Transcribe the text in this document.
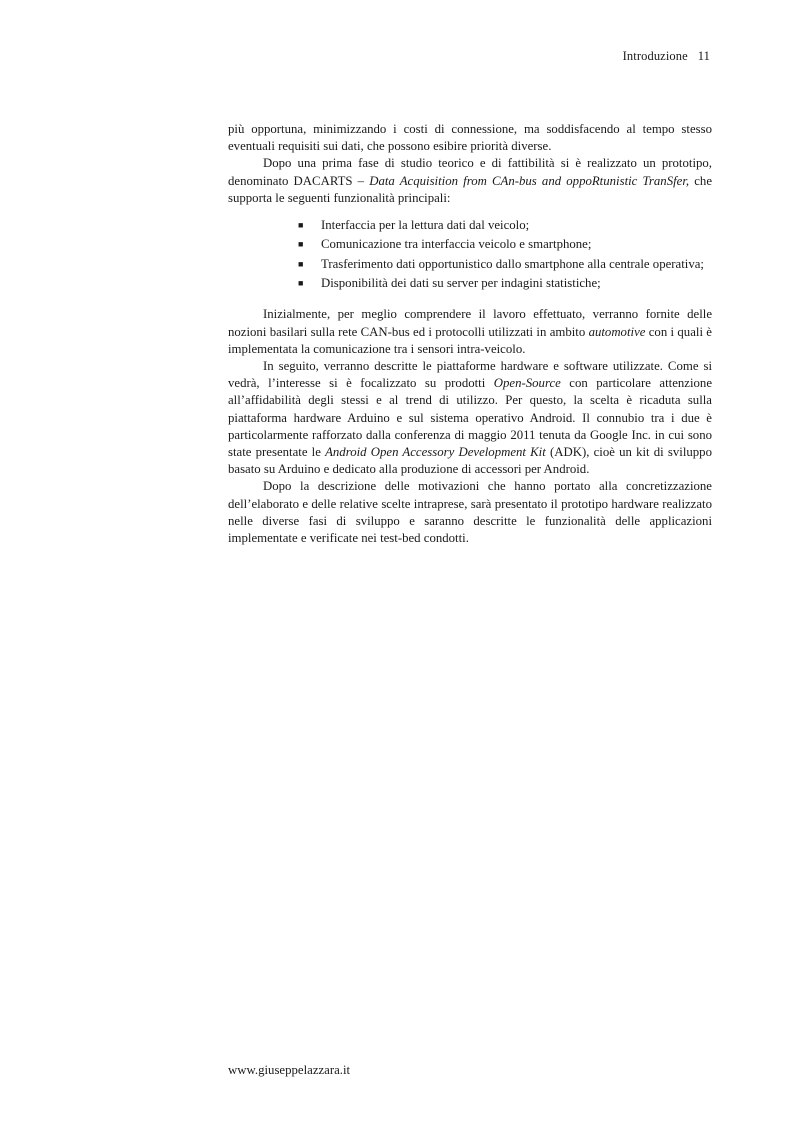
Introduzione 11

più opportuna, minimizzando i costi di connessione, ma soddisfacendo al tempo stesso eventuali requisiti sui dati, che possono esibire priorità diverse.

Dopo una prima fase di studio teorico e di fattibilità si è realizzato un prototipo, denominato DACARTS – Data Acquisition from CAn-bus and oppoRtunistic TranSfer, che supporta le seguenti funzionalità principali:

■ Interfaccia per la lettura dati dal veicolo;
■ Comunicazione tra interfaccia veicolo e smartphone;
■ Trasferimento dati opportunistico dallo smartphone alla centrale operativa;
■ Disponibilità dei dati su server per indagini statistiche;

Inizialmente, per meglio comprendere il lavoro effettuato, verranno fornite delle nozioni basilari sulla rete CAN-bus ed i protocolli utilizzati in ambito automotive con i quali è implementata la comunicazione tra i sensori intra-veicolo.

In seguito, verranno descritte le piattaforme hardware e software utilizzate. Come si vedrà, l’interesse si è focalizzato su prodotti Open-Source con particolare attenzione all’affidabilità degli stessi e al trend di utilizzo. Per questo, la scelta è ricaduta sulla piattaforma hardware Arduino e sul sistema operativo Android. Il connubio tra i due è particolarmente rafforzato dalla conferenza di maggio 2011 tenuta da Google Inc. in cui sono state presentate le Android Open Accessory Development Kit (ADK), cioè un kit di sviluppo basato su Arduino e dedicato alla produzione di accessori per Android.

Dopo la descrizione delle motivazioni che hanno portato alla concretizzazione dell’elaborato e delle relative scelte intraprese, sarà presentato il prototipo hardware realizzato nelle diverse fasi di sviluppo e saranno descritte le funzionalità delle applicazioni implementate e verificate nei test-bed condotti.

www.giuseppelazzara.it
